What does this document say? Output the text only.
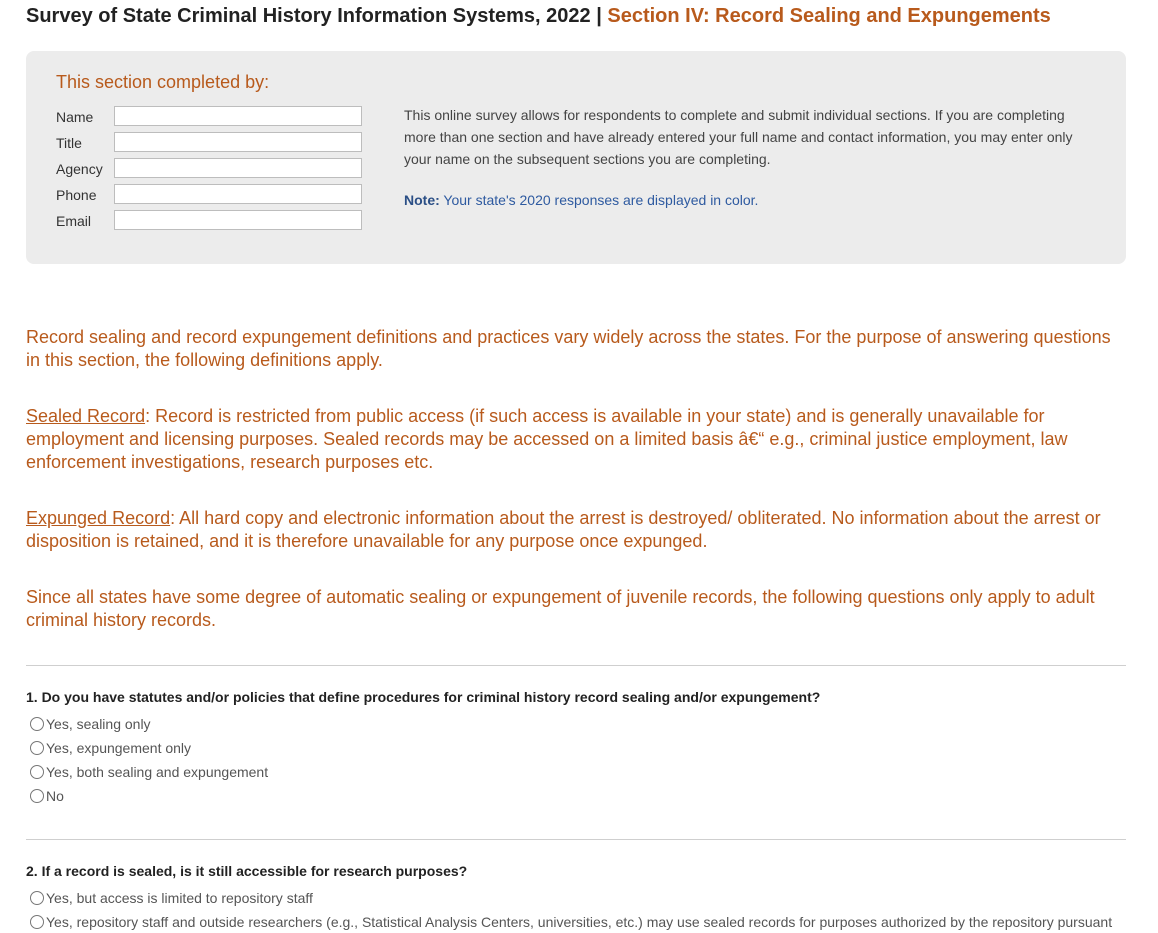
Survey of State Criminal History Information Systems, 2022 | Section IV: Record Sealing and Expungements
This section completed by:
Name
Title
Agency
Phone
Email
This online survey allows for respondents to complete and submit individual sections. If you are completing more than one section and have already entered your full name and contact information, you may enter only your name on the subsequent sections you are completing.
Note: Your state's 2020 responses are displayed in color.
Record sealing and record expungement definitions and practices vary widely across the states. For the purpose of answering questions in this section, the following definitions apply.
Sealed Record: Record is restricted from public access (if such access is available in your state) and is generally unavailable for employment and licensing purposes. Sealed records may be accessed on a limited basis â€“ e.g., criminal justice employment, law enforcement investigations, research purposes etc.
Expunged Record: All hard copy and electronic information about the arrest is destroyed/ obliterated. No information about the arrest or disposition is retained, and it is therefore unavailable for any purpose once expunged.
Since all states have some degree of automatic sealing or expungement of juvenile records, the following questions only apply to adult criminal history records.
1. Do you have statutes and/or policies that define procedures for criminal history record sealing and/or expungement?
Yes, sealing only
Yes, expungement only
Yes, both sealing and expungement
No
2. If a record is sealed, is it still accessible for research purposes?
Yes, but access is limited to repository staff
Yes, repository staff and outside researchers (e.g., Statistical Analysis Centers, universities, etc.) may use sealed records for purposes authorized by the repository pursuant
